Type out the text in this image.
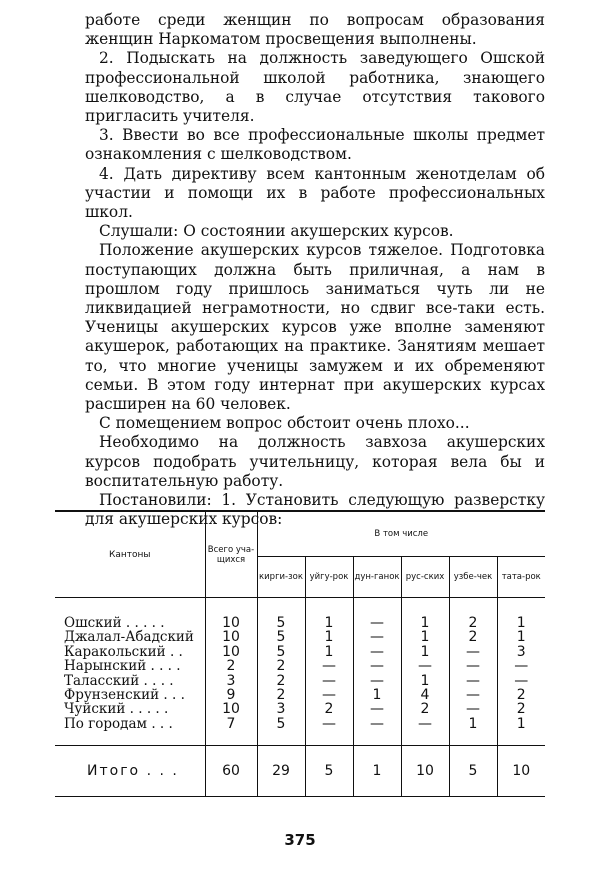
работе среди женщин по вопросам образования женщин Наркоматом просвещения выполнены.

2. Подыскать на должность заведующего Ошской профессиональной школой работника, знающего шелководство, а в случае отсутствия такового пригласить учителя.

3. Ввести во все профессиональные школы предмет ознакомления с шелководством.

4. Дать директиву всем кантонным женотделам об участии и помощи их в работе профессиональных школ.

Слушали: О состоянии акушерских курсов.

Положение акушерских курсов тяжелое. Подготовка поступающих должна быть приличная, а нам в прошлом году пришлось заниматься чуть ли не ликвидацией неграмотности, но сдвиг все-таки есть. Ученицы акушерских курсов уже вполне заменяют акушерок, работающих на практике. Занятиям мешает то, что многие ученицы замужем и их обременяют семьи. В этом году интернат при акушерских курсах расширен на 60 человек.

С помещением вопрос обстоит очень плохо...

Необходимо на должность завхоза акушерских курсов подобрать учительницу, которая вела бы и воспитательную работу.

Постановили: 1. Установить следующую разверстку для акушерских курсов:

Кантоны	Всего уча-щихся	В том числе					
		кирги-зок	уйгу-рок	дун-ганок	рус-ских	узбе-чек	тата-рок
Ошский . . . . .	10	5	1	—	1	2	1
Джалал-Абадский	10	5	1	—	1	2	1
Каракольский . .	10	5	1	—	1	—	3
Нарынский . . . .	2	2	—	—	—	—	—
Таласский . . . .	3	2	—	—	1	—	—
Фрунзенский . . .	9	2	—	1	4	—	2
Чуйский . . . . .	10	3	2	—	2	—	2
По городам . . .	7	5	—	—	—	1	1
Итого . . .	60	29	5	1	10	5	10
375
